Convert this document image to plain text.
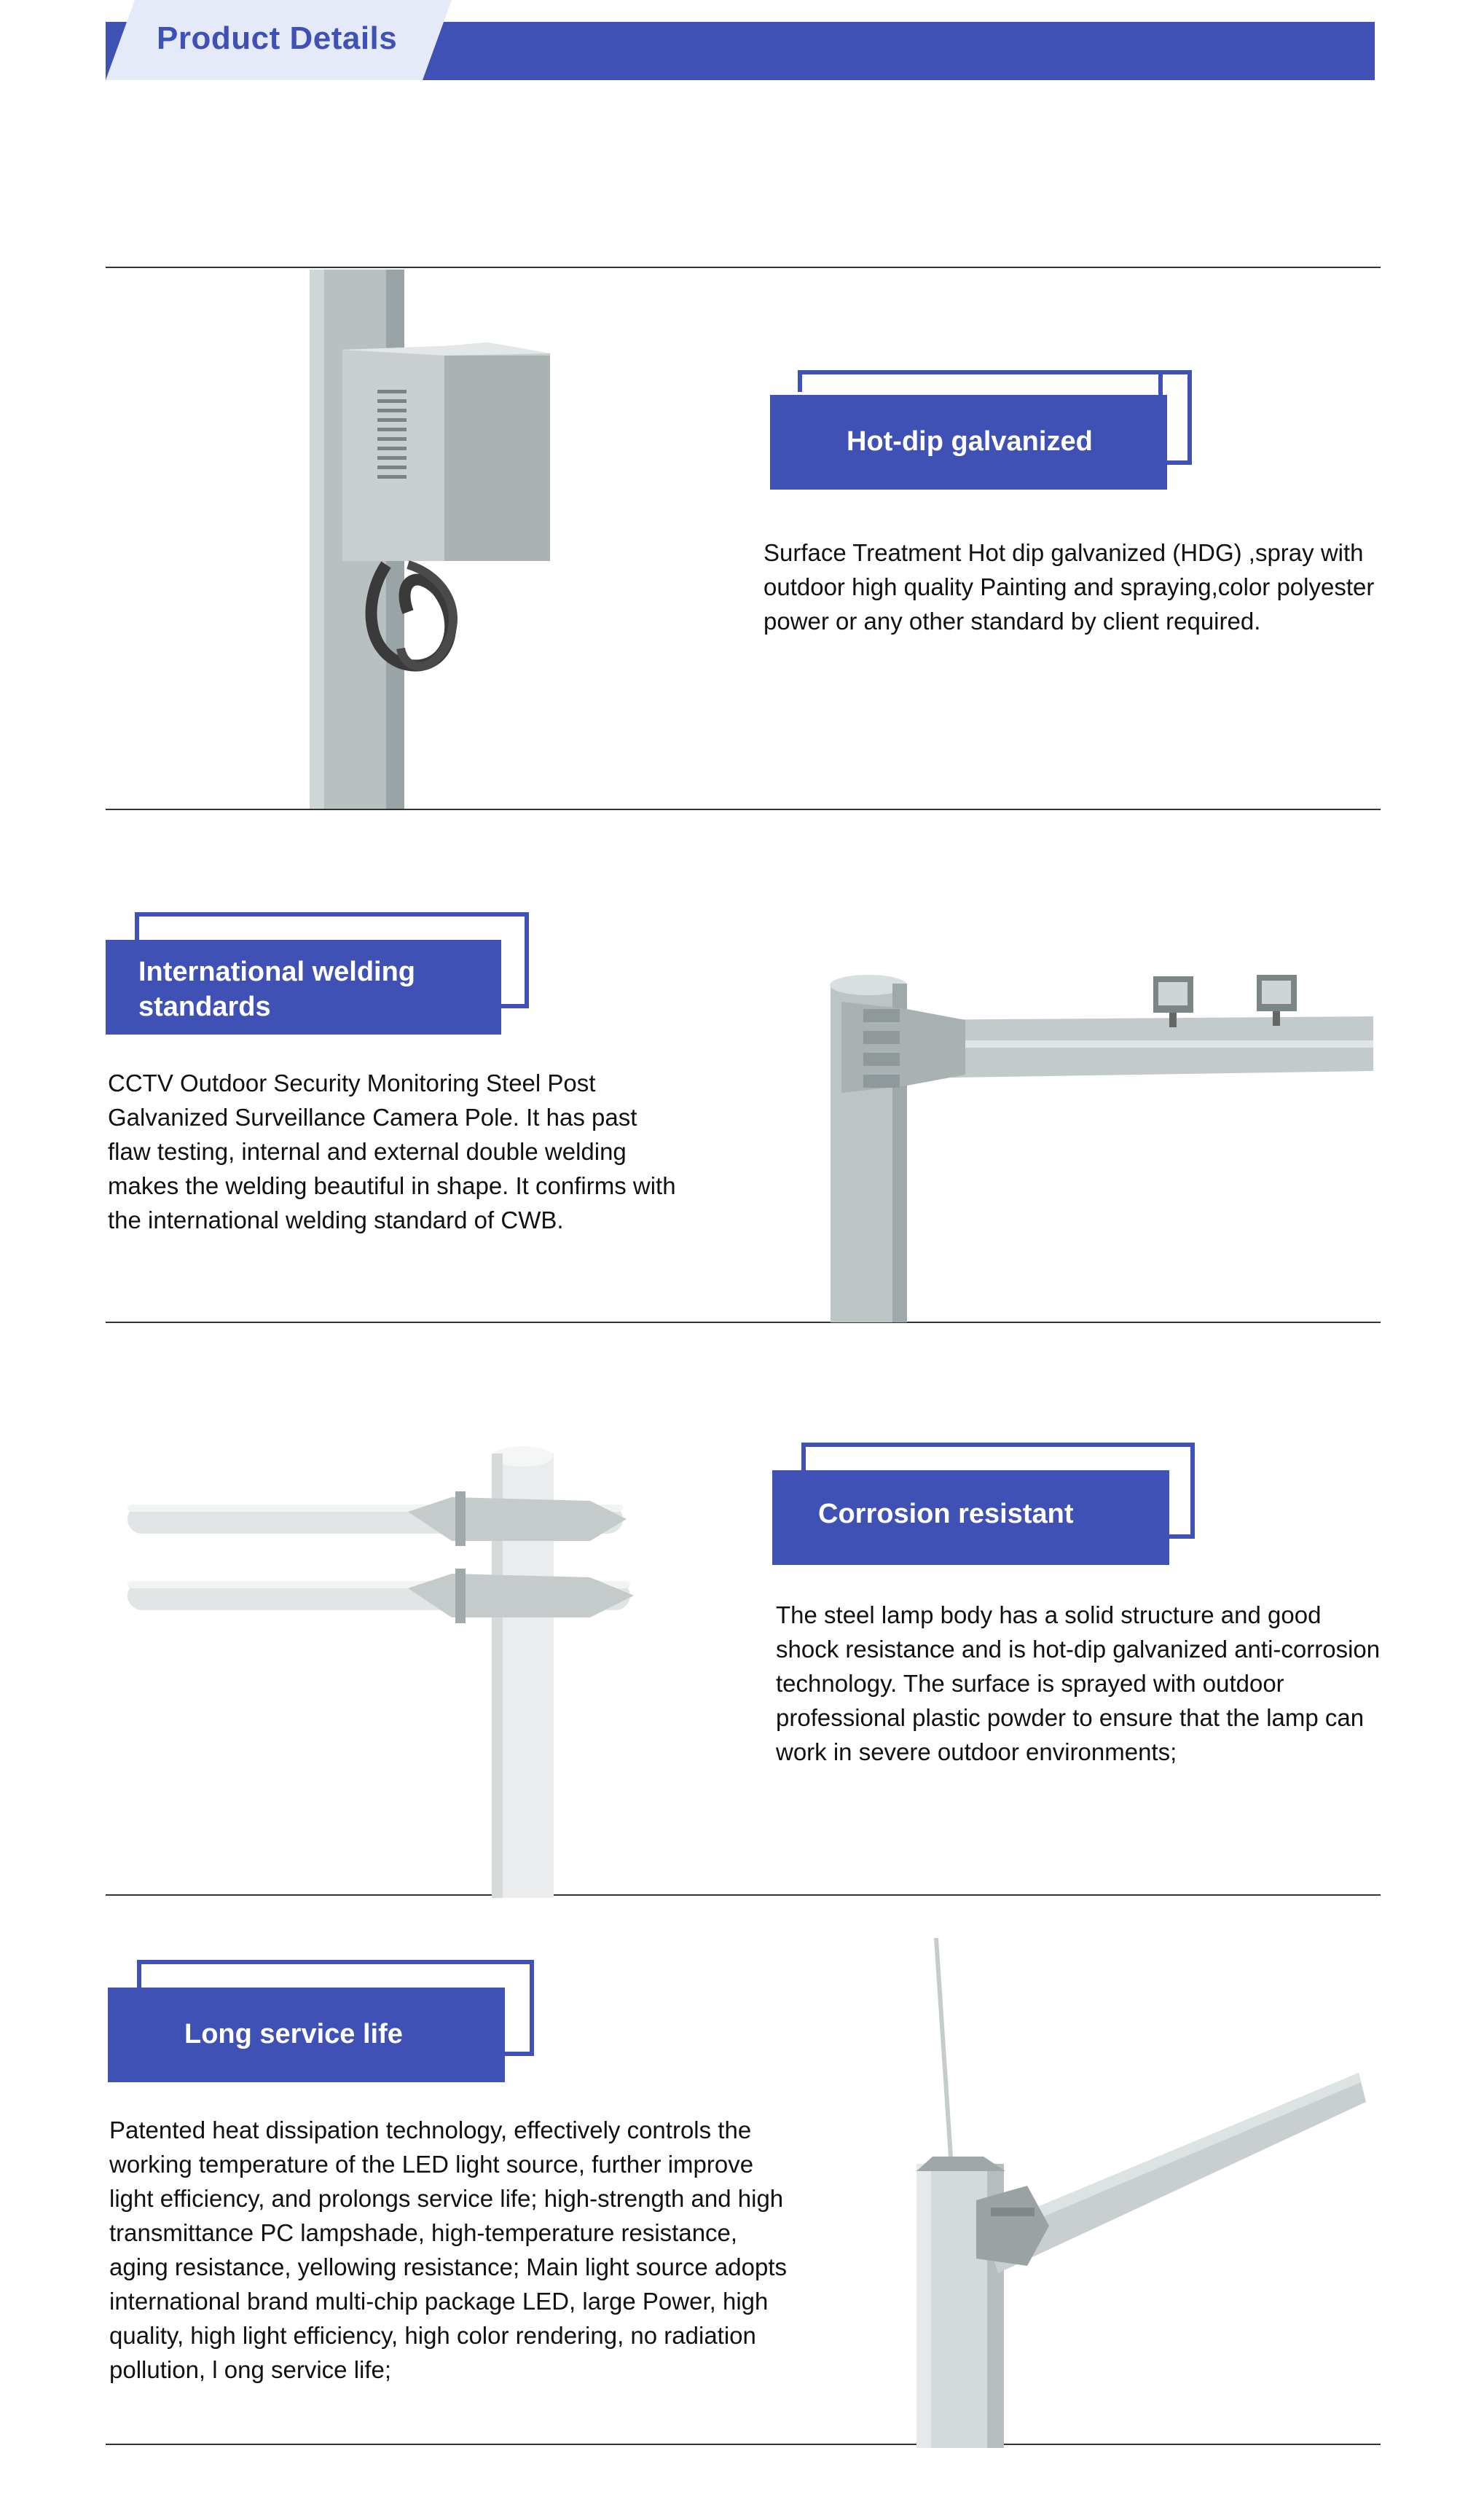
Product Details
Hot-dip galvanized
Surface Treatment Hot dip galvanized (HDG) ,spray with outdoor high quality Painting and spraying,color polyester power or any other standard by client required.
International welding standards
CCTV Outdoor Security Monitoring Steel Post Galvanized Surveillance Camera Pole. It has past flaw testing, internal and external double welding makes the welding beautiful in shape. It confirms with the international welding standard of CWB.
Corrosion resistant
The steel lamp body has a solid structure and good shock resistance and is hot-dip galvanized anti-corrosion technology. The surface is sprayed with outdoor professional plastic powder to ensure that the lamp can work in severe outdoor environments;
Long service life
Patented heat dissipation technology, effectively controls the working temperature of the LED light source, further improve light efficiency, and prolongs service life; high-strength and high transmittance PC lampshade, high-temperature resistance, aging resistance, yellowing resistance; Main light source adopts international brand multi-chip package LED, large Power, high quality, high light efficiency, high color rendering, no radiation pollution, l ong service life;
